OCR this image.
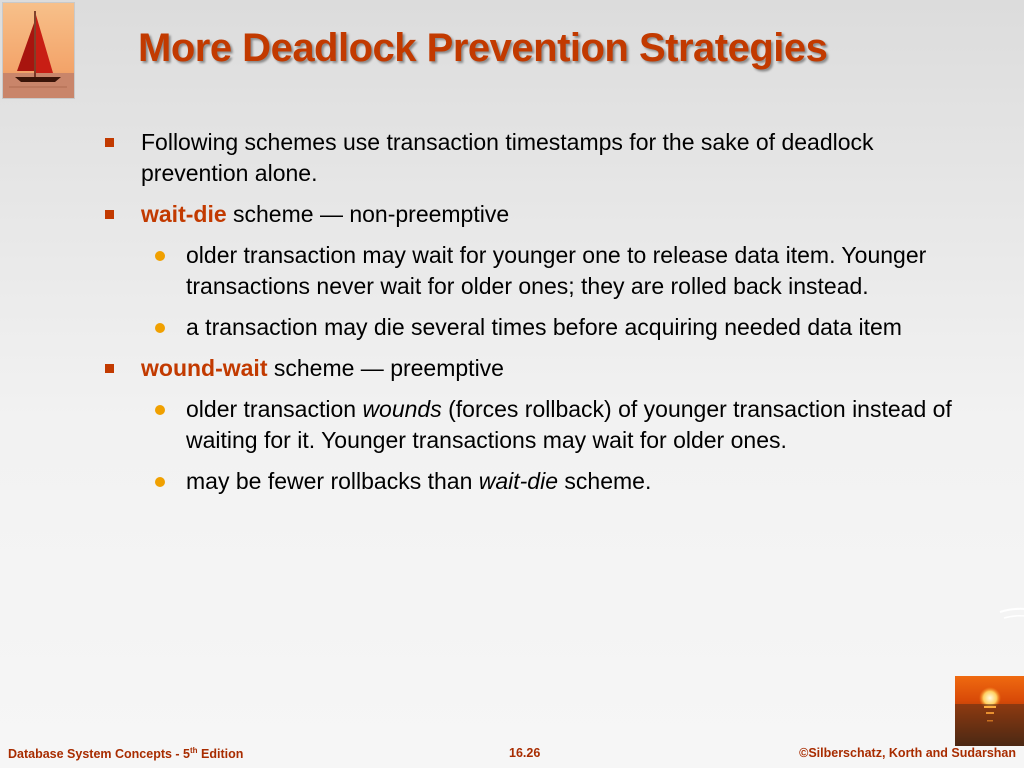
More Deadlock Prevention Strategies
Following schemes use transaction timestamps for the sake of deadlock prevention alone.
wait-die scheme — non-preemptive
older transaction may wait for younger one to release data item. Younger transactions never wait for older ones; they are rolled back instead.
a transaction may die several times before acquiring needed data item
wound-wait scheme — preemptive
older transaction wounds (forces rollback) of younger transaction instead of waiting for it. Younger transactions may wait for older ones.
may be fewer rollbacks than wait-die scheme.
Database System Concepts - 5th Edition	16.26	©Silberschatz, Korth and Sudarshan
